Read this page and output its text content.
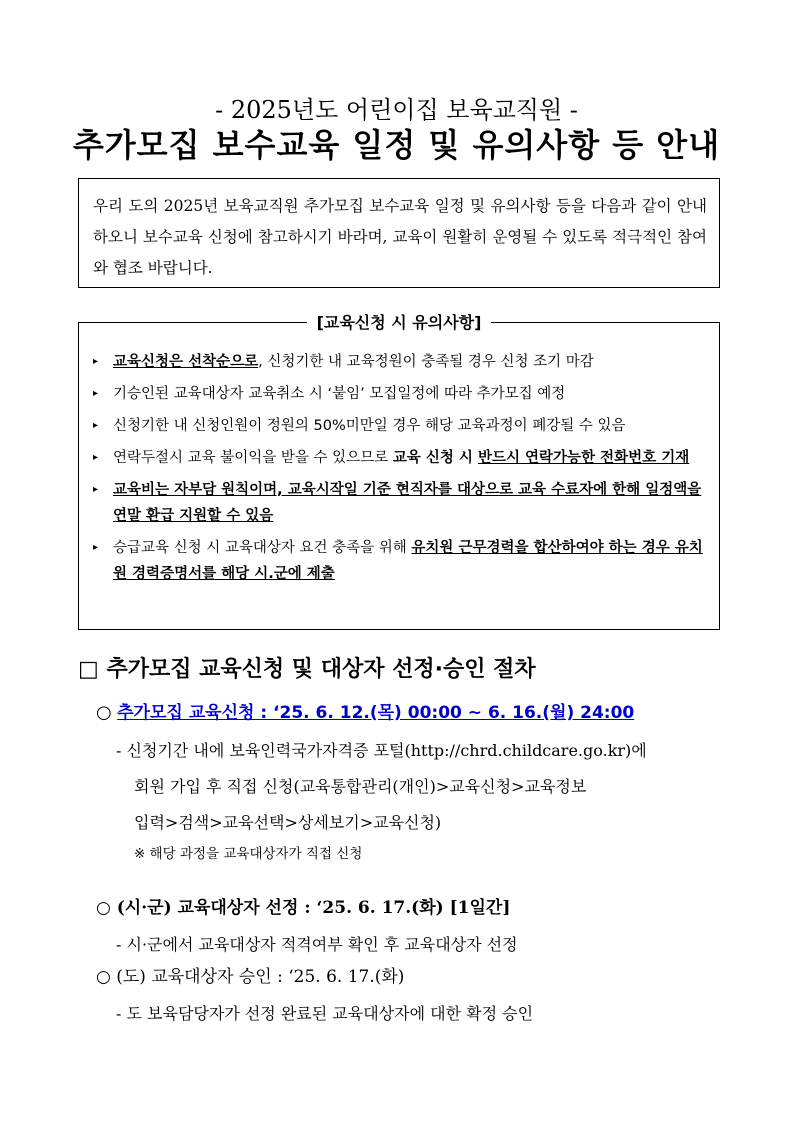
- 2025년도 어린이집 보육교직원 -
추가모집 보수교육 일정 및 유의사항 등 안내
우리 도의 2025년 보육교직원 추가모집 보수교육 일정 및 유의사항 등을 다음과 같이 안내하오니 보수교육 신청에 참고하시기 바라며, 교육이 원활히 운영될 수 있도록 적극적인 참여와 협조 바랍니다.
[교육신청 시 유의사항]
▸ 교육신청은 선착순으로, 신청기한 내 교육정원이 충족될 경우 신청 조기 마감
▸ 기승인된 교육대상자 교육취소 시 ‘붙임’ 모집일정에 따라 추가모집 예정
▸ 신청기한 내 신청인원이 정원의 50%미만일 경우 해당 교육과정이 폐강될 수 있음
▸ 연락두절시 교육 불이익을 받을 수 있으므로 교육 신청 시 반드시 연락가능한 전화번호 기재
▸ 교육비는 자부담 원칙이며, 교육시작일 기준 현직자를 대상으로 교육 수료자에 한해 일정액을 연말 환급 지원할 수 있음
▸ 승급교육 신청 시 교육대상자 요건 충족을 위해 유치원 근무경력을 합산하여야 하는 경우 유치원 경력증명서를 해당 시.군에 제출
□ 추가모집 교육신청 및 대상자 선정·승인 절차
○ 추가모집 교육신청 : ‘25. 6. 12.(목) 00:00 ~ 6. 16.(월) 24:00
- 신청기간 내에 보육인력국가자격증 포털(http://chrd.childcare.go.kr)에
회원 가입 후 직접 신청(교육통합관리(개인)>교육신청>교육정보
입력>검색>교육선택>상세보기>교육신청)
※ 해당 과정을 교육대상자가 직접 신청
○ (시·군) 교육대상자 선정 : ‘25. 6. 17.(화) [1일간]
- 시·군에서 교육대상자 적격여부 확인 후 교육대상자 선정
○ (도) 교육대상자 승인 : ‘25. 6. 17.(화)
- 도 보육담당자가 선정 완료된 교육대상자에 대한 확정 승인
